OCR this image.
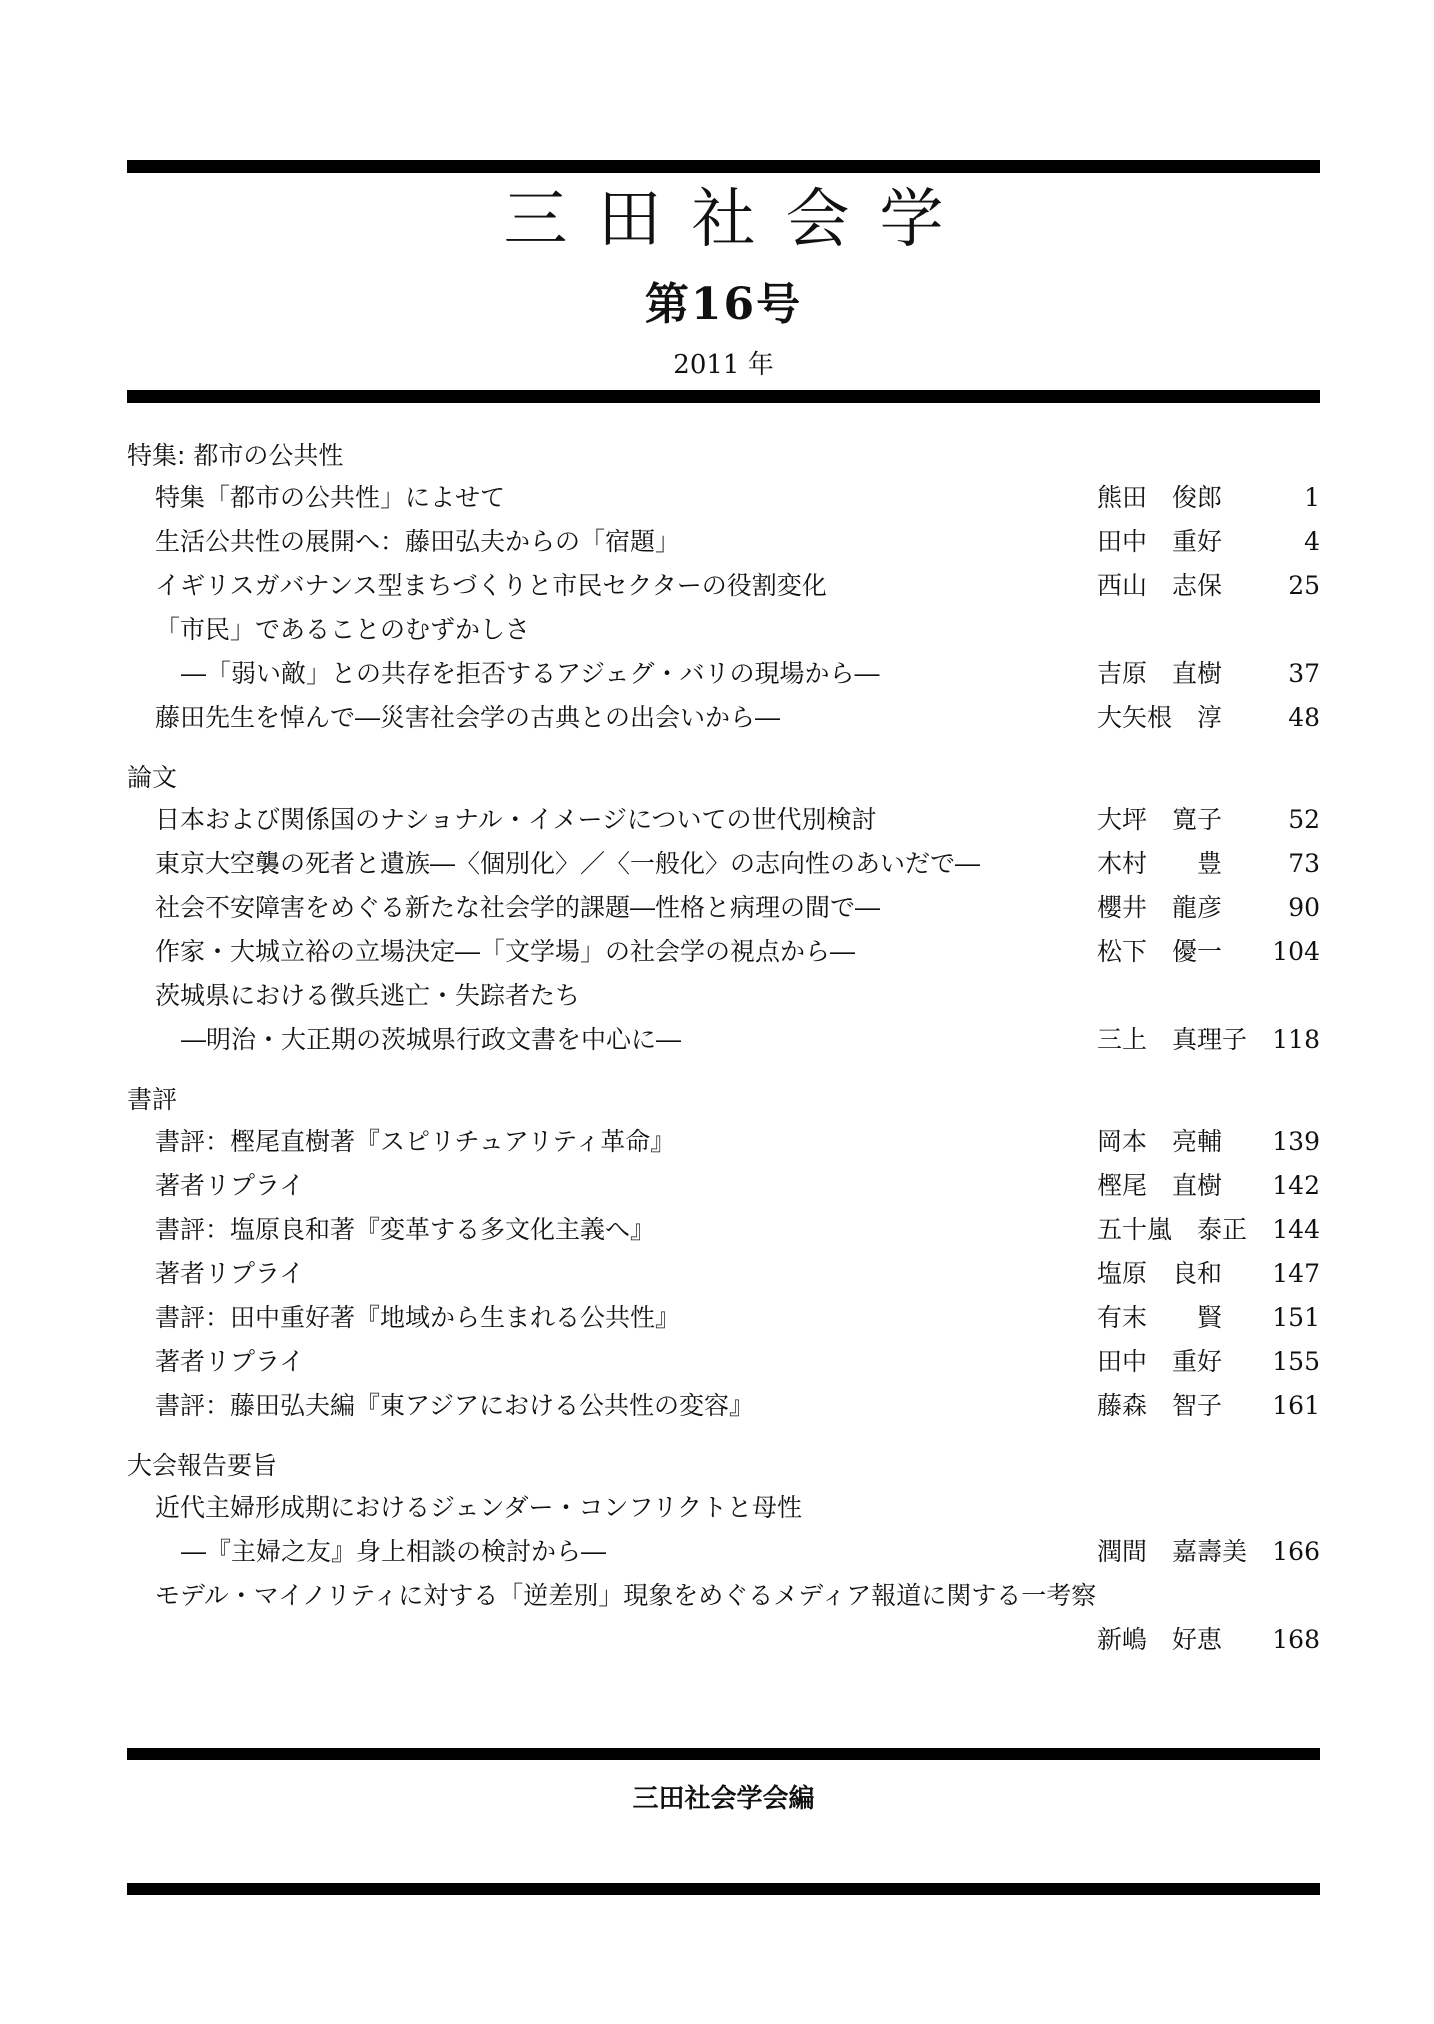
三田社会学
第16号
2011 年
特集: 都市の公共性
特集「都市の公共性」によせて	熊田　俊郎	1
生活公共性の展開へ：藤田弘夫からの「宿題」	田中　重好	4
イギリスガバナンス型まちづくりと市民セクターの役割変化	西山　志保	25
「市民」であることのむずかしさ
―「弱い敵」との共存を拒否するアジェグ・バリの現場から―	吉原　直樹	37
藤田先生を悼んで―災害社会学の古典との出会いから―	大矢根　淳	48
論文
日本および関係国のナショナル・イメージについての世代別検討	大坪　寛子	52
東京大空襲の死者と遺族―〈個別化〉／〈一般化〉の志向性のあいだで―	木村　　豊	73
社会不安障害をめぐる新たな社会学的課題―性格と病理の間で―	櫻井　龍彦	90
作家・大城立裕の立場決定―「文学場」の社会学の視点から―	松下　優一 104
茨城県における徴兵逃亡・失踪者たち
―明治・大正期の茨城県行政文書を中心に―	三上　真理子 118
書評
書評：樫尾直樹著『スピリチュアリティ革命』	岡本　亮輔 139
著者リプライ	樫尾　直樹 142
書評：塩原良和著『変革する多文化主義へ』	五十嵐　泰正 144
著者リプライ	塩原　良和 147
書評：田中重好著『地域から生まれる公共性』	有末　　賢 151
著者リプライ	田中　重好 155
書評：藤田弘夫編『東アジアにおける公共性の変容』	藤森　智子 161
大会報告要旨
近代主婦形成期におけるジェンダー・コンフリクトと母性
―『主婦之友』身上相談の検討から―	潤間　嘉壽美 166
モデル・マイノリティに対する「逆差別」現象をめぐるメディア報道に関する一考察
新嶋　好恵 168
三田社会学会編
